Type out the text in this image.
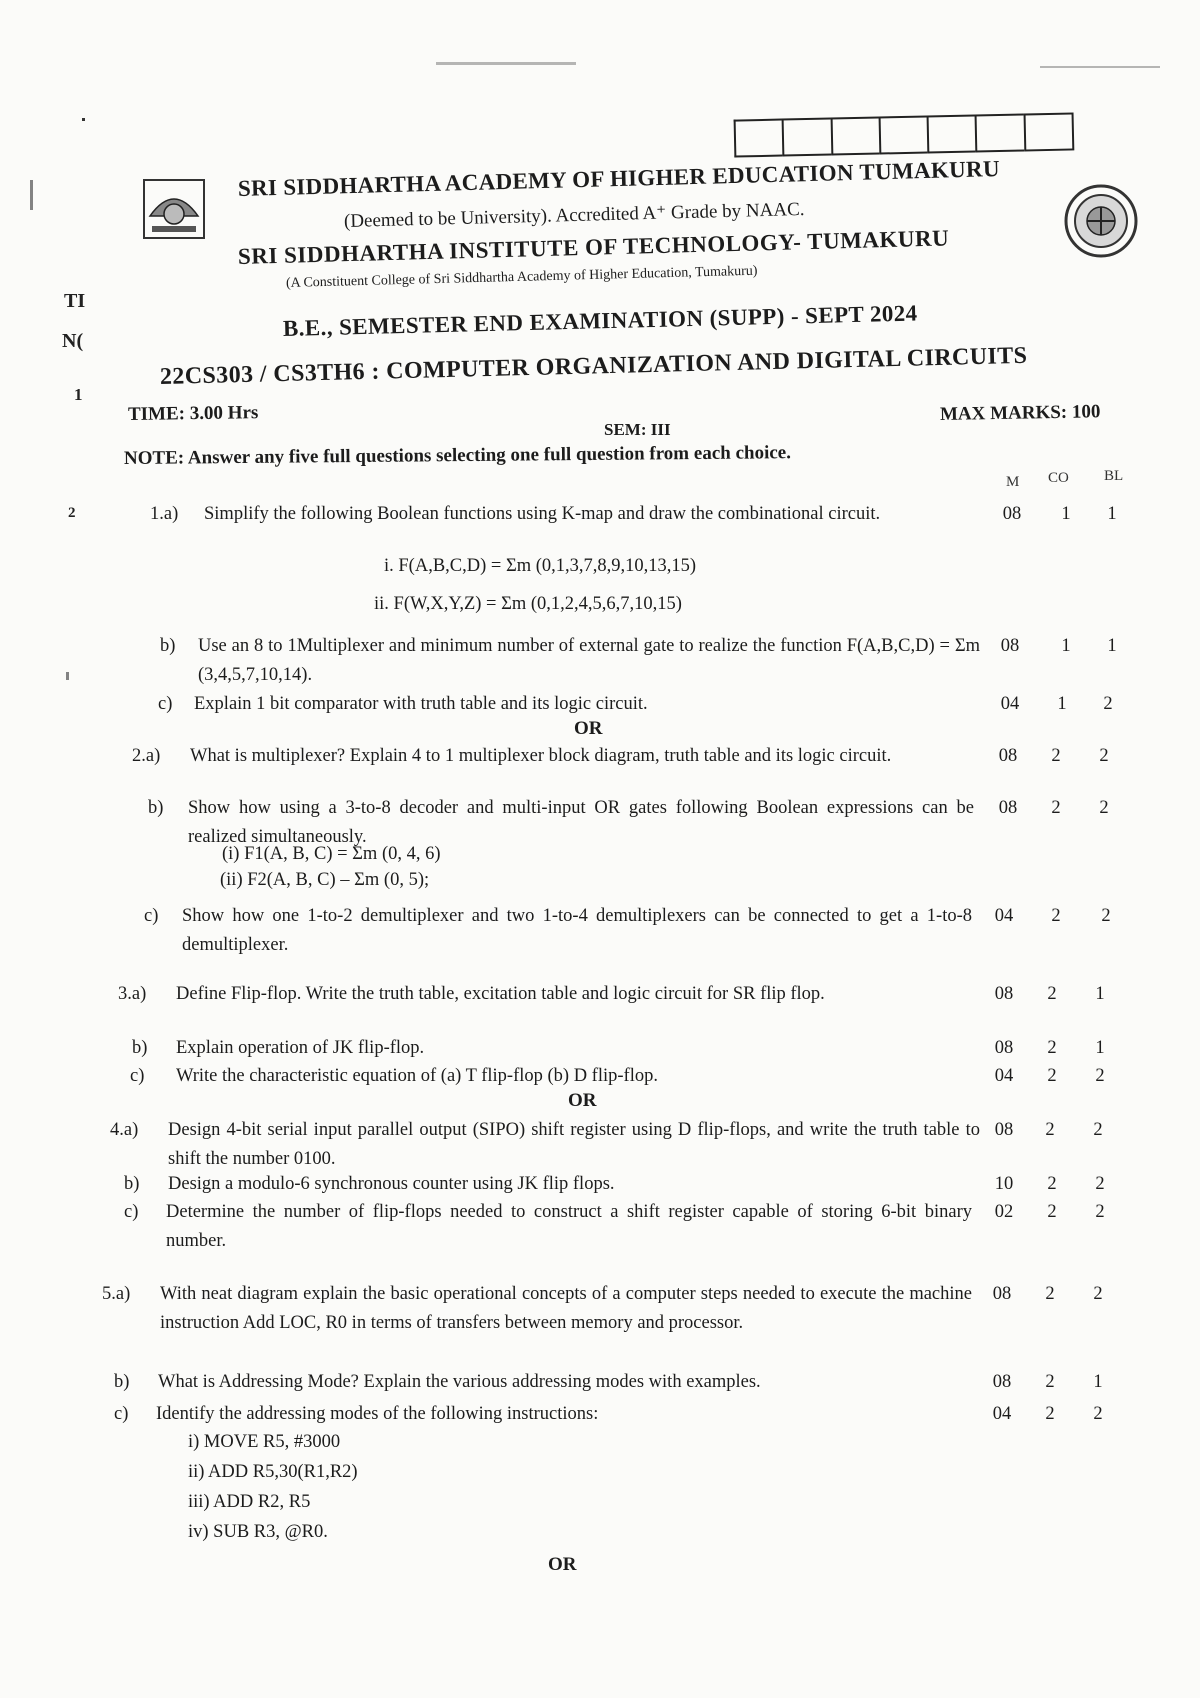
TI
N(
1
2
SRI SIDDHARTHA ACADEMY OF HIGHER EDUCATION TUMAKURU
(Deemed to be University). Accredited A⁺ Grade by NAAC.
SRI SIDDHARTHA INSTITUTE OF TECHNOLOGY- TUMAKURU
(A Constituent College of Sri Siddhartha Academy of Higher Education, Tumakuru)
B.E., SEMESTER END EXAMINATION (SUPP) - SEPT 2024
22CS303 / CS3TH6 : COMPUTER ORGANIZATION AND DIGITAL CIRCUITS
TIME: 3.00 Hrs
SEM: III
MAX MARKS: 100
NOTE: Answer any five full questions selecting one full question from each choice.
M CO BL
1.a) Simplify the following Boolean functions using K-map and draw the combinational circuit.	08	1	1
i. F(A,B,C,D) = Σm (0,1,3,7,8,9,10,13,15)
ii. F(W,X,Y,Z) = Σm (0,1,2,4,5,6,7,10,15)
b) Use an 8 to 1Multiplexer and minimum number of external gate to realize the function F(A,B,C,D) = Σm (3,4,5,7,10,14).
08	1	1
c) Explain 1 bit comparator with truth table and its logic circuit.	04	1	2
OR
2.a) What is multiplexer? Explain 4 to 1 multiplexer block diagram, truth table and its logic circuit.	08	2	2
b) Show how using a 3-to-8 decoder and multi-input OR gates following Boolean expressions can be realized simultaneously.
08	2	2
(i) F1(A, B, C) = Σm (0, 4, 6)
(ii) F2(A, B, C) – Σm (0, 5);
c) Show how one 1-to-2 demultiplexer and two 1-to-4 demultiplexers can be connected to get a 1-to-8 demultiplexer.
04	2	2
3.a) Define Flip-flop. Write the truth table, excitation table and logic circuit for SR flip flop.	08	2	1
b) Explain operation of JK flip-flop.	08	2	1
c) Write the characteristic equation of (a) T flip-flop (b) D flip-flop.	04	2	2
OR
4.a) Design 4-bit serial input parallel output (SIPO) shift register using D flip-flops, and write the truth table to shift the number 0100.
08	2	2
b) Design a modulo-6 synchronous counter using JK flip flops.	10	2	2
c) Determine the number of flip-flops needed to construct a shift register capable of storing 6-bit binary number.
02	2	2
5.a) With neat diagram explain the basic operational concepts of a computer steps needed to execute the machine instruction Add LOC, R0 in terms of transfers between memory and processor.
08	2	2
b) What is Addressing Mode? Explain the various addressing modes with examples.	08	2	1
c) Identify the addressing modes of the following instructions:	04	2	2
i) MOVE R5, #3000
ii) ADD R5,30(R1,R2)
iii) ADD R2, R5
iv) SUB R3, @R0.
OR
